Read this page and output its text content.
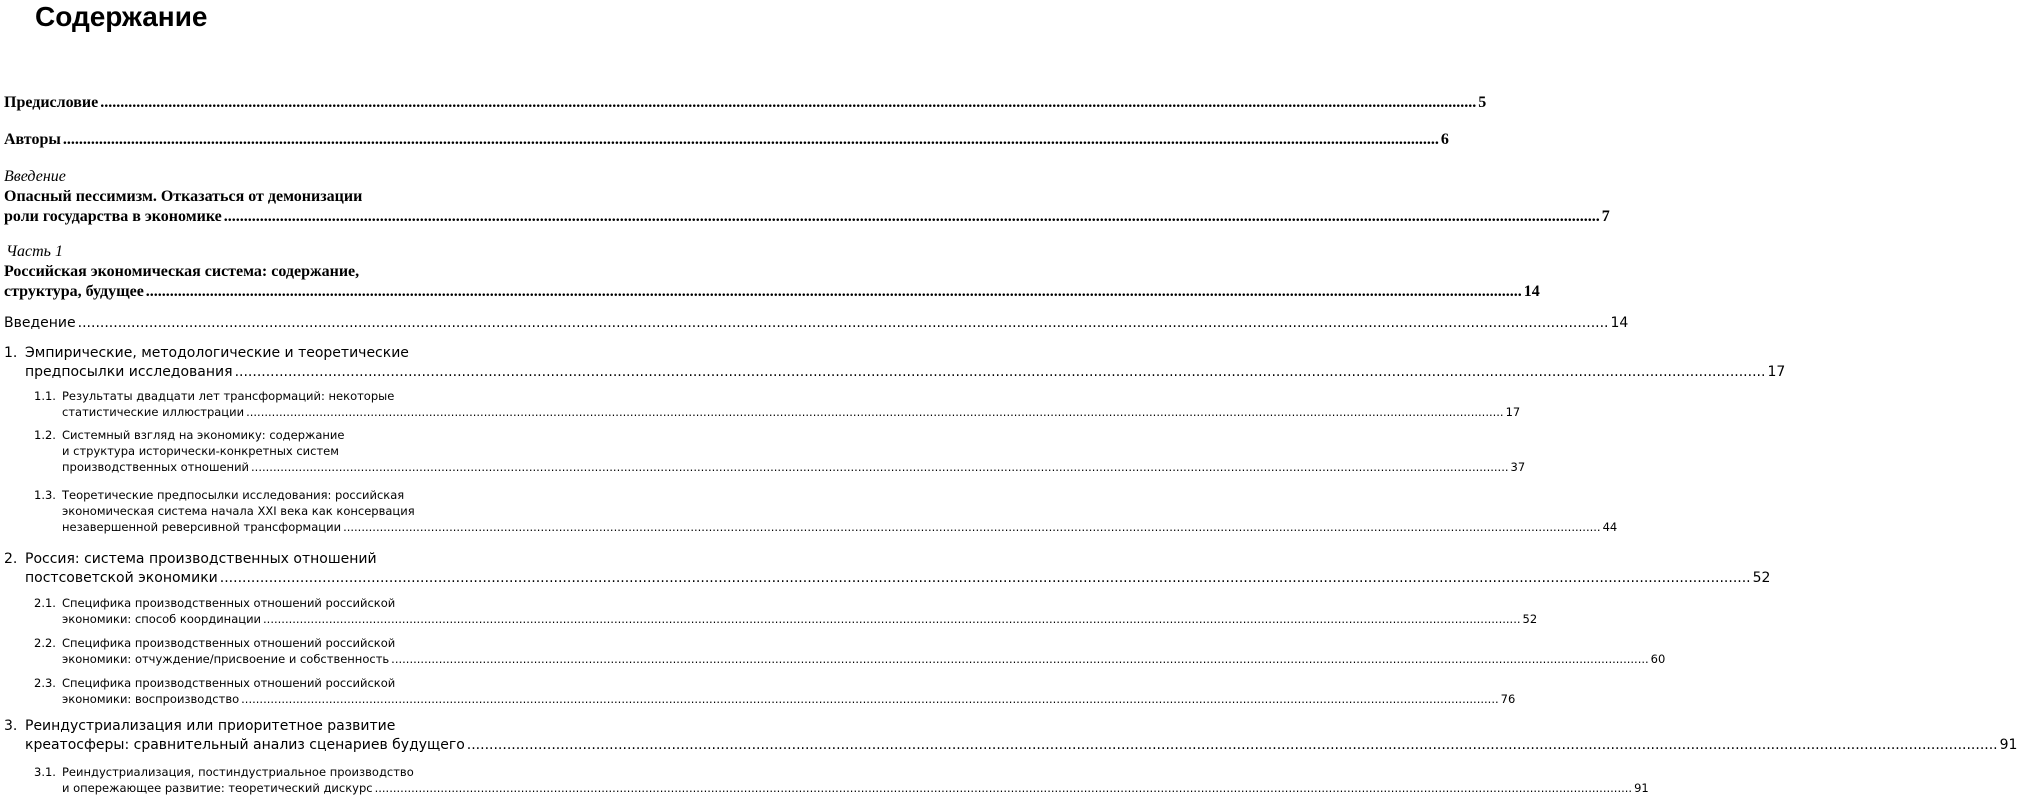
Содержание
Предисловие .....	5
Авторы .....	6
Введение
Опасный пессимизм. Отказаться от демонизации
роли государства в экономике .....	7
Часть 1
Российская экономическая система: содержание,
структура, будущее .....	14
Введение .....	14
1. Эмпирические, методологические и теоретические
предпосылки исследования .....	17
1.1. Результаты двадцати лет трансформаций: некоторые
статистические иллюстрации .....	17
1.2. Системный взгляд на экономику: содержание
и структура исторически-конкретных систем
производственных отношений .....	37
1.3. Теоретические предпосылки исследования: российская
экономическая система начала XXI века как консервация
незавершенной реверсивной трансформации .....	44
2. Россия: система производственных отношений
постсоветской экономики .....	52
2.1. Специфика производственных отношений российской
экономики: способ координации .....	52
2.2. Специфика производственных отношений российской
экономики: отчуждение/присвоение и собственность .....	60
2.3. Специфика производственных отношений российской
экономики: воспроизводство .....	76
3. Реиндустриализация или приоритетное развитие
креатосферы: сравнительный анализ сценариев будущего .....	91
3.1. Реиндустриализация, постиндустриальное производство
и опережающее развитие: теоретический дискурс .....	91
